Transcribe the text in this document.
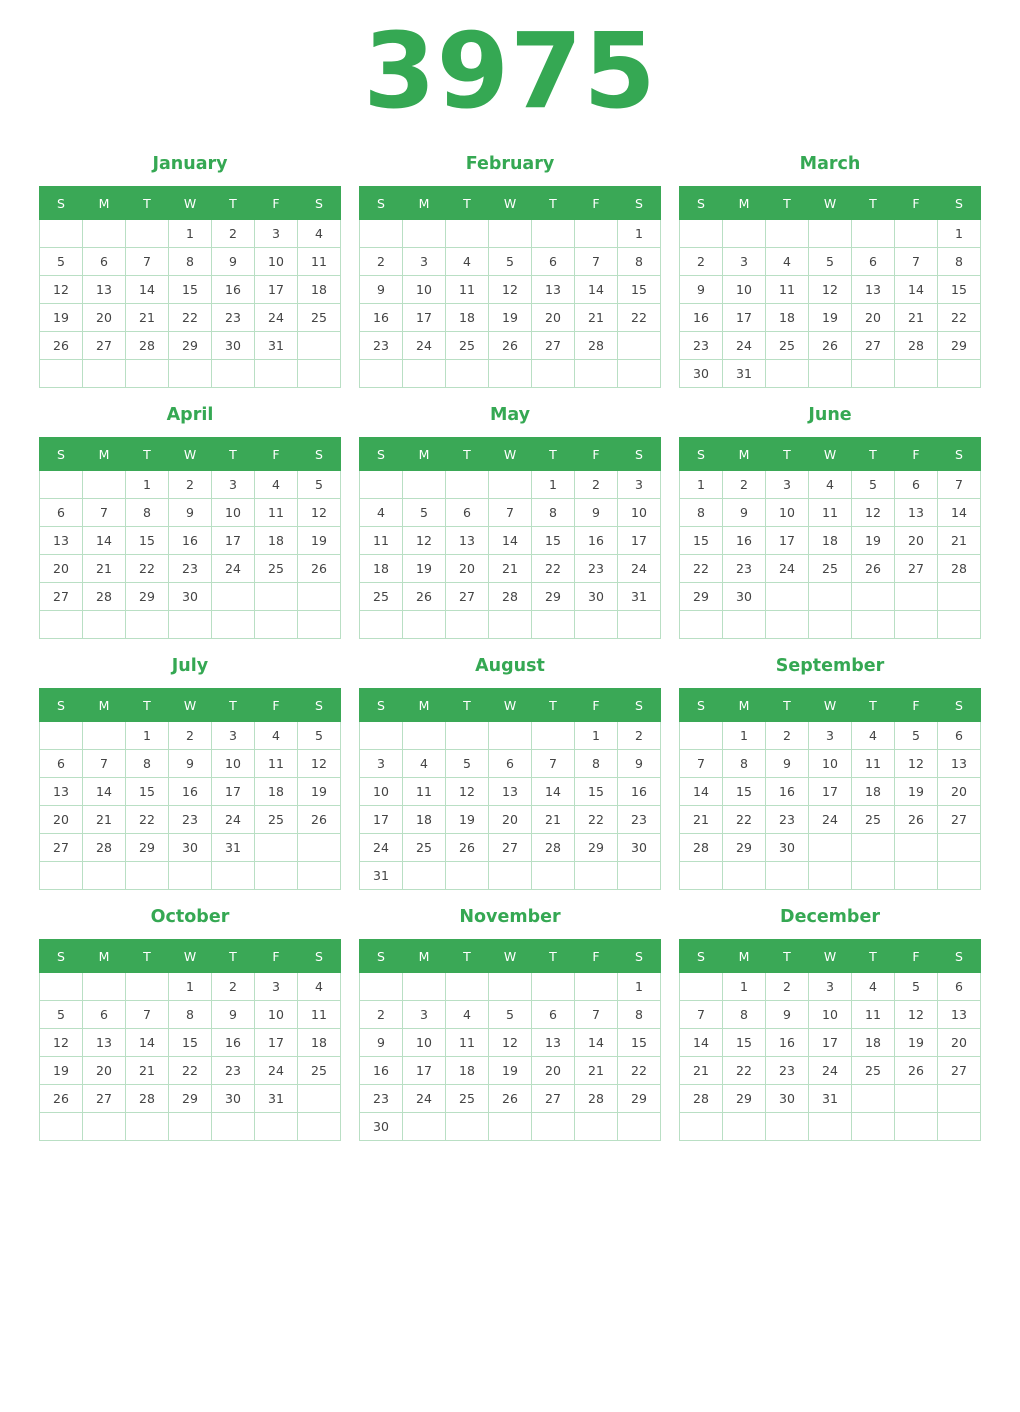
3975
January
S	M	T	W	T	F	S
			1	2	3	4
5	6	7	8	9	10	11
12	13	14	15	16	17	18
19	20	21	22	23	24	25
26	27	28	29	30	31	

February
S	M	T	W	T	F	S
						1
2	3	4	5	6	7	8
9	10	11	12	13	14	15
16	17	18	19	20	21	22
23	24	25	26	27	28	

March
S	M	T	W	T	F	S
						1
2	3	4	5	6	7	8
9	10	11	12	13	14	15
16	17	18	19	20	21	22
23	24	25	26	27	28	29
30	31					
April
S	M	T	W	T	F	S
		1	2	3	4	5
6	7	8	9	10	11	12
13	14	15	16	17	18	19
20	21	22	23	24	25	26
27	28	29	30			

May
S	M	T	W	T	F	S
				1	2	3
4	5	6	7	8	9	10
11	12	13	14	15	16	17
18	19	20	21	22	23	24
25	26	27	28	29	30	31

June
S	M	T	W	T	F	S
1	2	3	4	5	6	7
8	9	10	11	12	13	14
15	16	17	18	19	20	21
22	23	24	25	26	27	28
29	30					

July
S	M	T	W	T	F	S
		1	2	3	4	5
6	7	8	9	10	11	12
13	14	15	16	17	18	19
20	21	22	23	24	25	26
27	28	29	30	31		

August
S	M	T	W	T	F	S
					1	2
3	4	5	6	7	8	9
10	11	12	13	14	15	16
17	18	19	20	21	22	23
24	25	26	27	28	29	30
31						
September
S	M	T	W	T	F	S
	1	2	3	4	5	6
7	8	9	10	11	12	13
14	15	16	17	18	19	20
21	22	23	24	25	26	27
28	29	30				

October
S	M	T	W	T	F	S
			1	2	3	4
5	6	7	8	9	10	11
12	13	14	15	16	17	18
19	20	21	22	23	24	25
26	27	28	29	30	31	

November
S	M	T	W	T	F	S
						1
2	3	4	5	6	7	8
9	10	11	12	13	14	15
16	17	18	19	20	21	22
23	24	25	26	27	28	29
30						
December
S	M	T	W	T	F	S
	1	2	3	4	5	6
7	8	9	10	11	12	13
14	15	16	17	18	19	20
21	22	23	24	25	26	27
28	29	30	31			
